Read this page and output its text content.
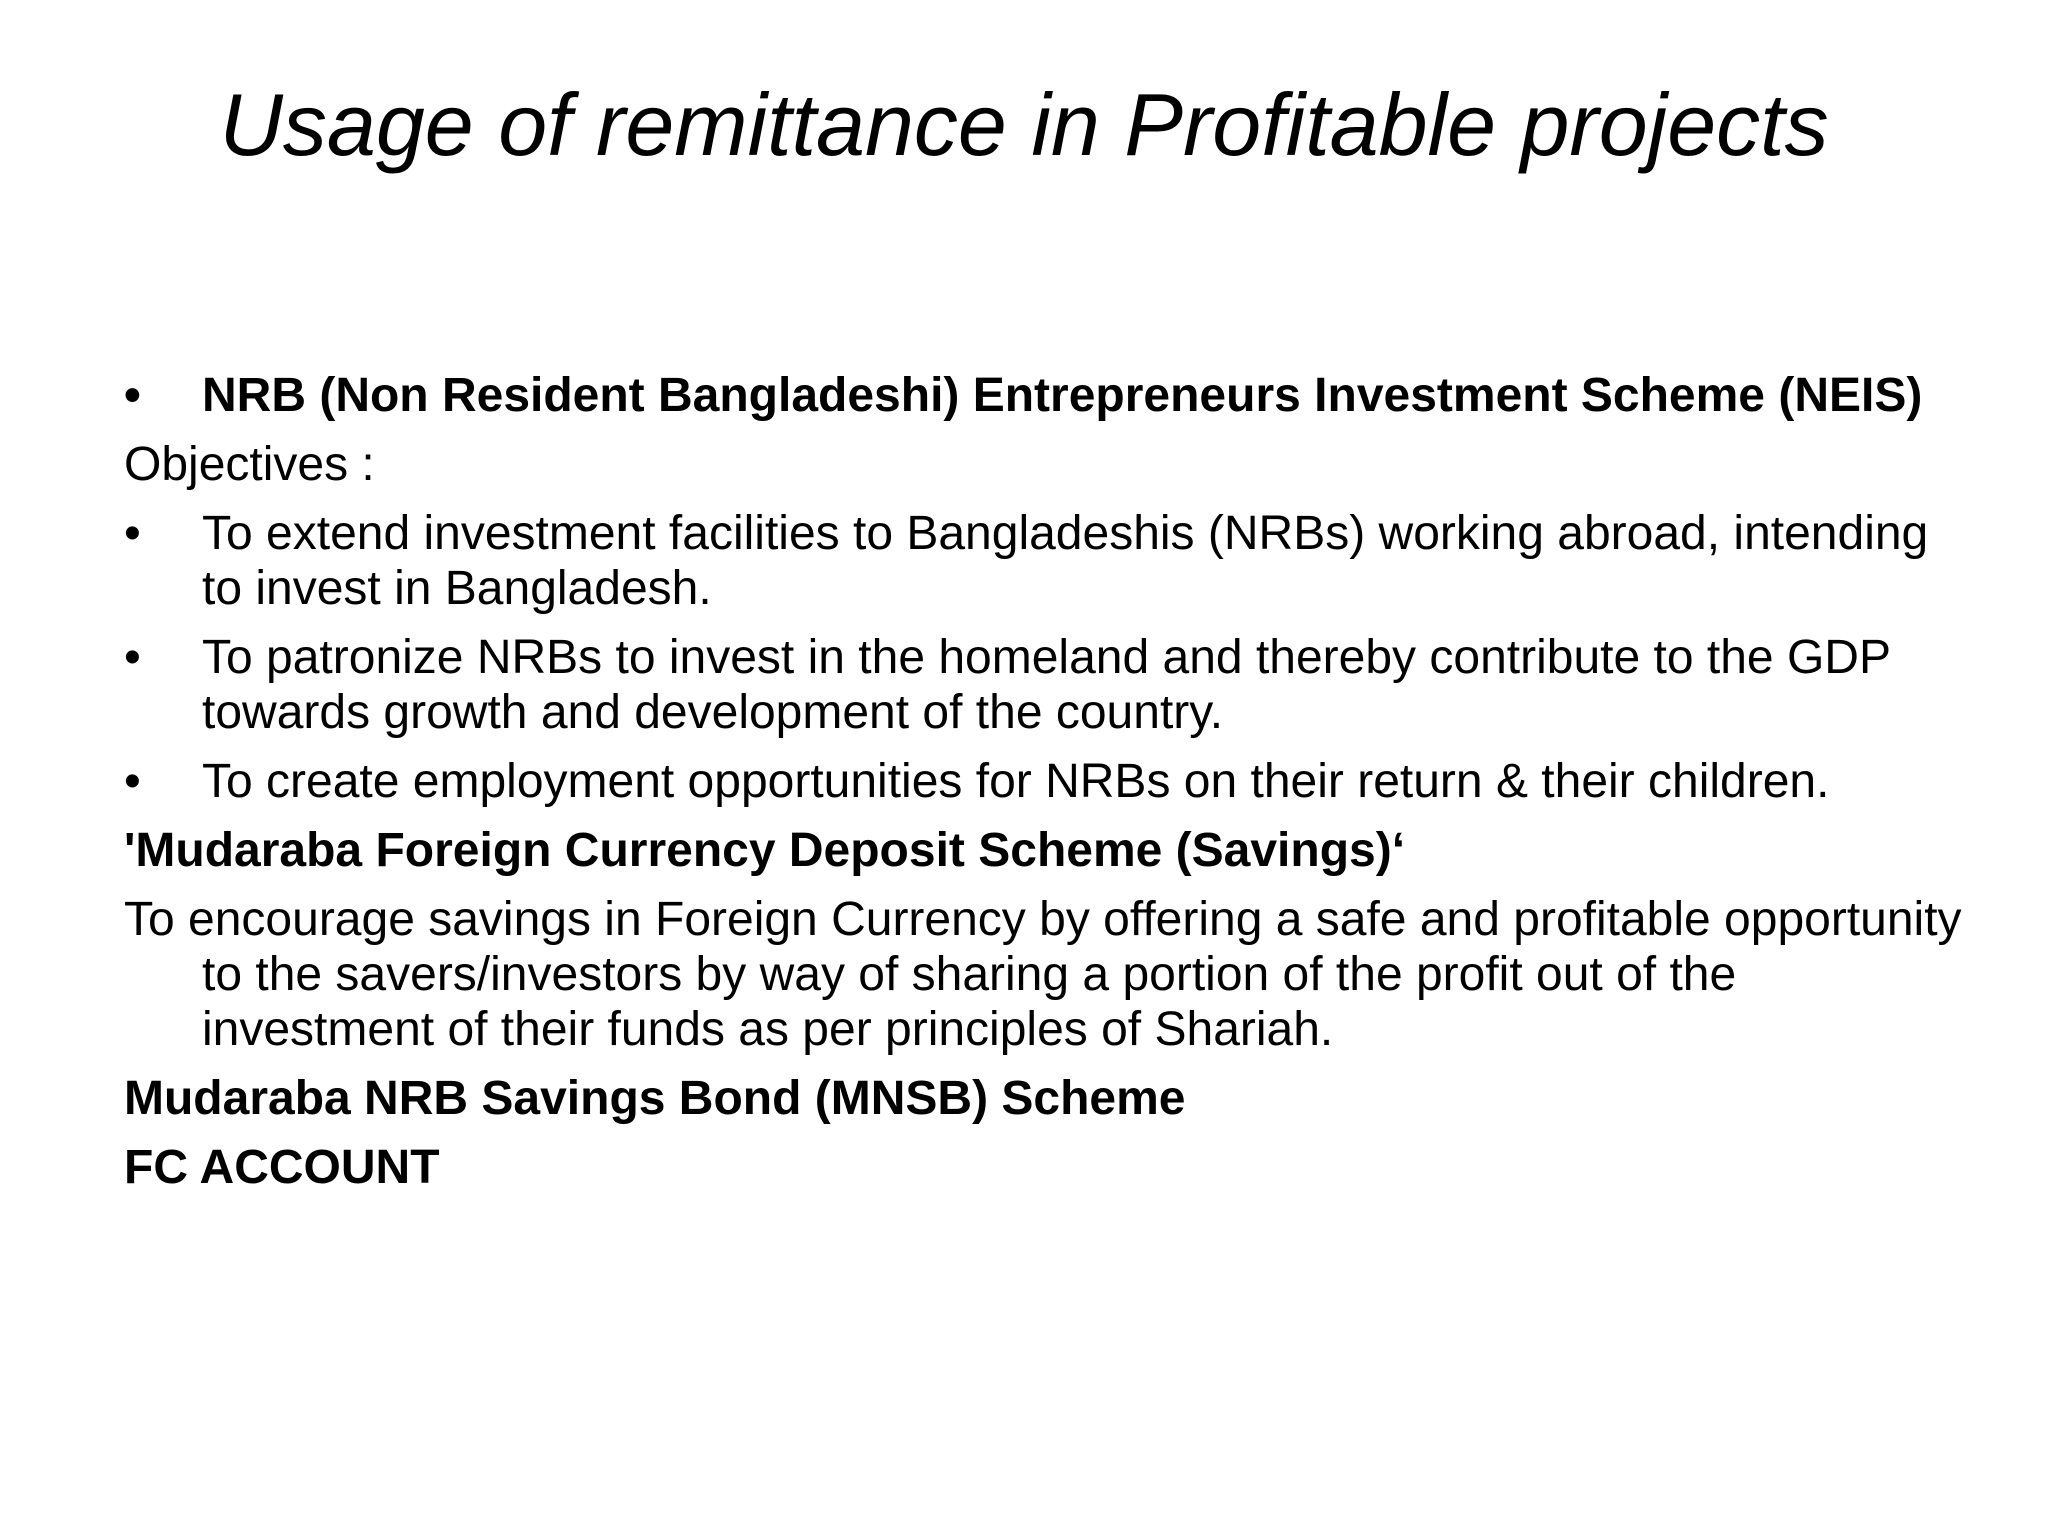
Usage of remittance in Profitable projects

•	NRB (Non Resident Bangladeshi) Entrepreneurs Investment Scheme (NEIS)

Objectives :

•	To extend investment facilities to Bangladeshis (NRBs) working abroad, intending to invest in Bangladesh.

•	To patronize NRBs to invest in the homeland and thereby contribute to the GDP towards growth and development of the country.

•	To create employment opportunities for NRBs on their return & their children.

'Mudaraba Foreign Currency Deposit Scheme (Savings)‘

To encourage savings in Foreign Currency by offering a safe and profitable opportunity to the savers/investors by way of sharing a portion of the profit out of the investment of their funds as per principles of Shariah.

Mudaraba NRB Savings Bond (MNSB) Scheme

FC ACCOUNT
